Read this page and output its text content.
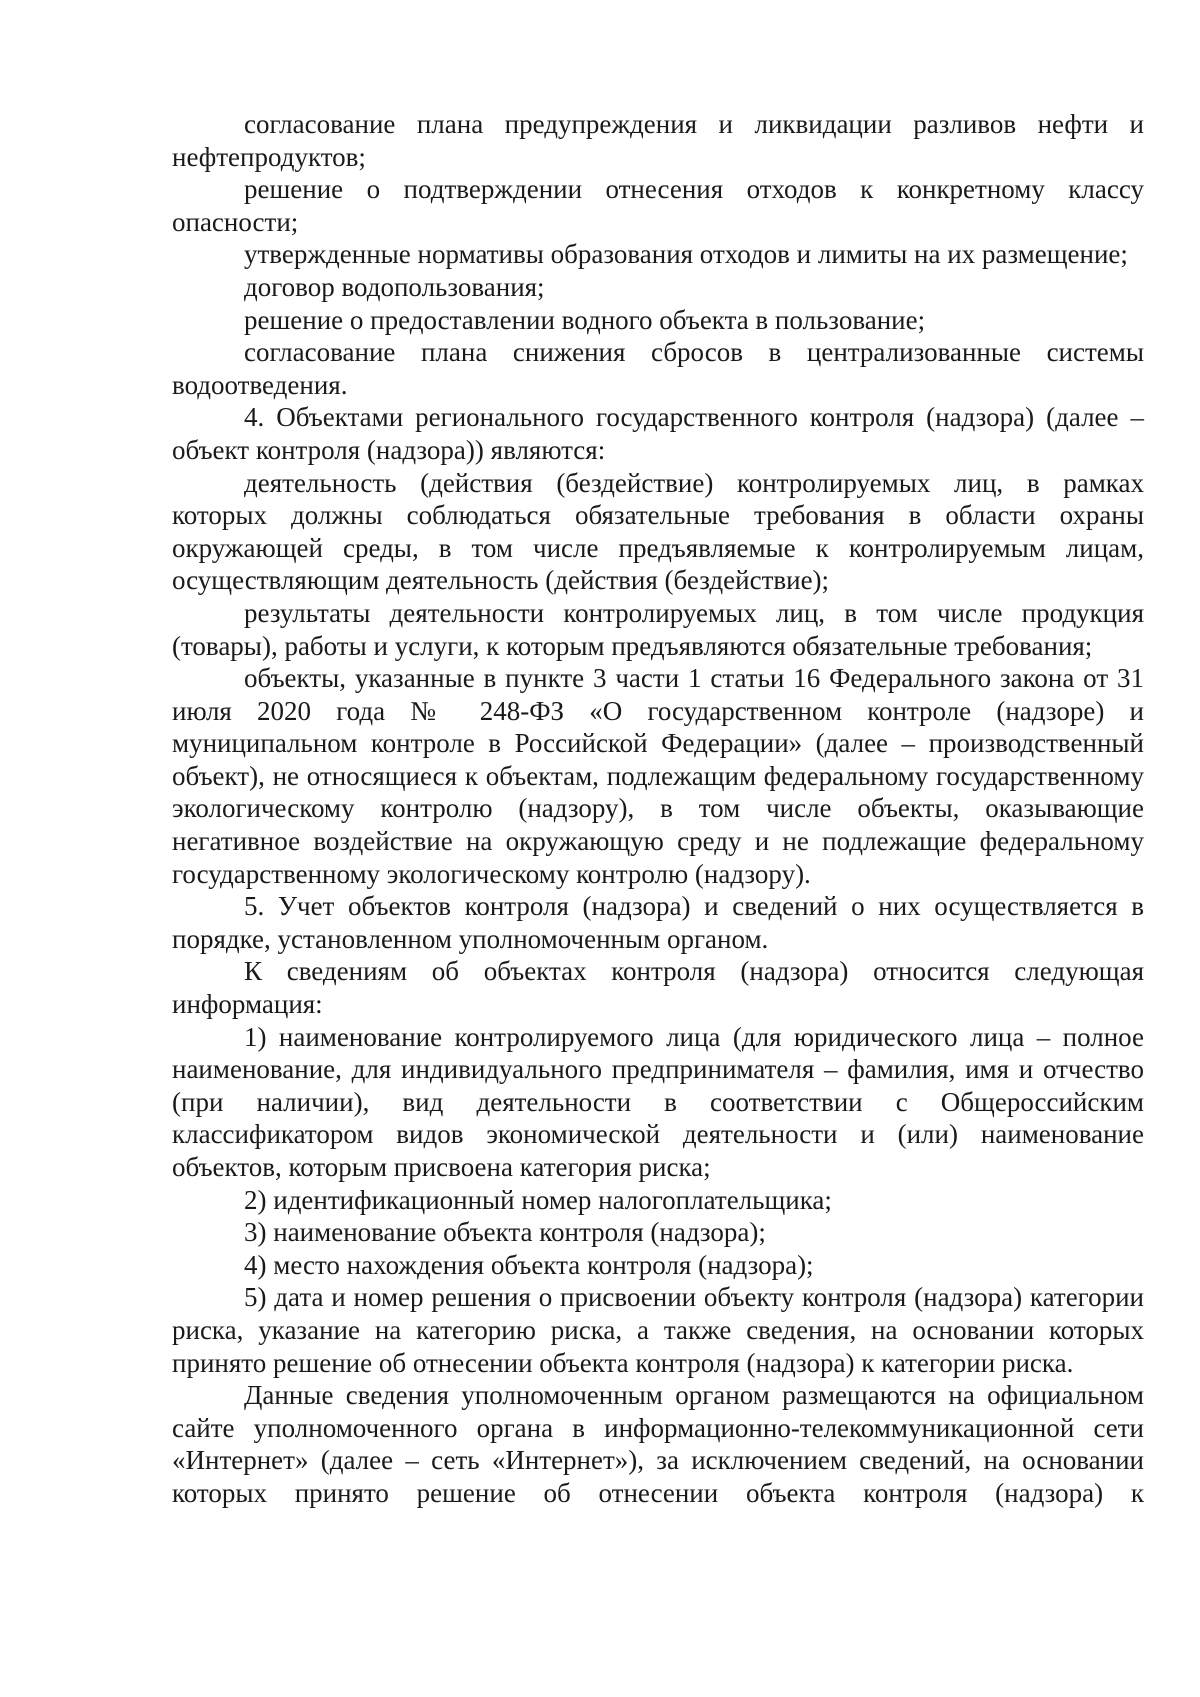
согласование плана предупреждения и ликвидации разливов нефти и нефтепродуктов;

решение о подтверждении отнесения отходов к конкретному классу опасности;

утвержденные нормативы образования отходов и лимиты на их размещение;

договор водопользования;

решение о предоставлении водного объекта в пользование;

согласование плана снижения сбросов в централизованные системы водоотведения.

4. Объектами регионального государственного контроля (надзора) (далее – объект контроля (надзора)) являются:

деятельность (действия (бездействие) контролируемых лиц, в рамках которых должны соблюдаться обязательные требования в области охраны окружающей среды, в том числе предъявляемые к контролируемым лицам, осуществляющим деятельность (действия (бездействие);

результаты деятельности контролируемых лиц, в том числе продукция (товары), работы и услуги, к которым предъявляются обязательные требования;

объекты, указанные в пункте 3 части 1 статьи 16 Федерального закона от 31 июля 2020 года № 248-ФЗ «О государственном контроле (надзоре) и муниципальном контроле в Российской Федерации» (далее – производственный объект), не относящиеся к объектам, подлежащим федеральному государственному экологическому контролю (надзору), в том числе объекты, оказывающие негативное воздействие на окружающую среду и не подлежащие федеральному государственному экологическому контролю (надзору).

5. Учет объектов контроля (надзора) и сведений о них осуществляется в порядке, установленном уполномоченным органом.

К сведениям об объектах контроля (надзора) относится следующая информация:

1) наименование контролируемого лица (для юридического лица – полное наименование, для индивидуального предпринимателя – фамилия, имя и отчество (при наличии), вид деятельности в соответствии с Общероссийским классификатором видов экономической деятельности и (или) наименование объектов, которым присвоена категория риска;

2) идентификационный номер налогоплательщика;

3) наименование объекта контроля (надзора);

4) место нахождения объекта контроля (надзора);

5) дата и номер решения о присвоении объекту контроля (надзора) категории риска, указание на категорию риска, а также сведения, на основании которых принято решение об отнесении объекта контроля (надзора) к категории риска.

Данные сведения уполномоченным органом размещаются на официальном сайте уполномоченного органа в информационно-телекоммуникационной сети «Интернет» (далее – сеть «Интернет»), за исключением сведений, на основании которых принято решение об отнесении объекта контроля (надзора) к
